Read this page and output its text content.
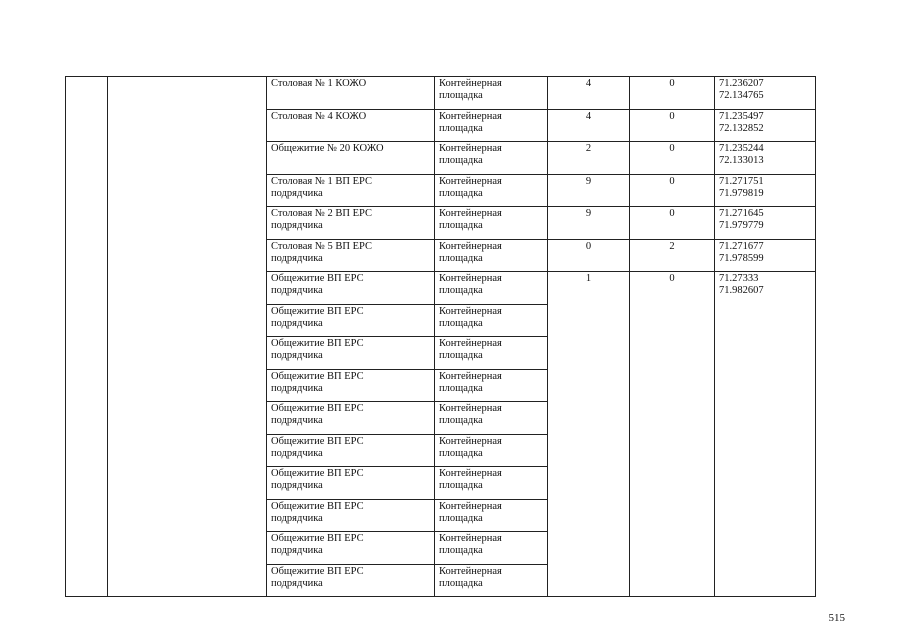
		Столовая № 1 КОЖО	Контейнерная
площадка	4	0	71.236207
72.134765

		Столовая № 4 КОЖО	Контейнерная
площадка	4	0	71.235497
72.132852

		Общежитие № 20 КОЖО	Контейнерная
площадка	2	0	71.235244
72.133013

		Столовая № 1 ВП ЕРС
подрядчика	Контейнерная
площадка	9	0	71.271751
71.979819

		Столовая № 2 ВП ЕРС
подрядчика	Контейнерная
площадка	9	0	71.271645
71.979779

		Столовая № 5 ВП ЕРС
подрядчика	Контейнерная
площадка	0	2	71.271677
71.978599

		Общежитие ВП ЕРС
подрядчика	Контейнерная
площадка	1	0	71.27333
71.982607

		Общежитие ВП ЕРС
подрядчика	Контейнерная
площадка			

		Общежитие ВП ЕРС
подрядчика	Контейнерная
площадка			

		Общежитие ВП ЕРС
подрядчика	Контейнерная
площадка			

		Общежитие ВП ЕРС
подрядчика	Контейнерная
площадка			

		Общежитие ВП ЕРС
подрядчика	Контейнерная
площадка			

		Общежитие ВП ЕРС
подрядчика	Контейнерная
площадка			

		Общежитие ВП ЕРС
подрядчика	Контейнерная
площадка			

		Общежитие ВП ЕРС
подрядчика	Контейнерная
площадка			

		Общежитие ВП ЕРС
подрядчика	Контейнерная
площадка			
515
